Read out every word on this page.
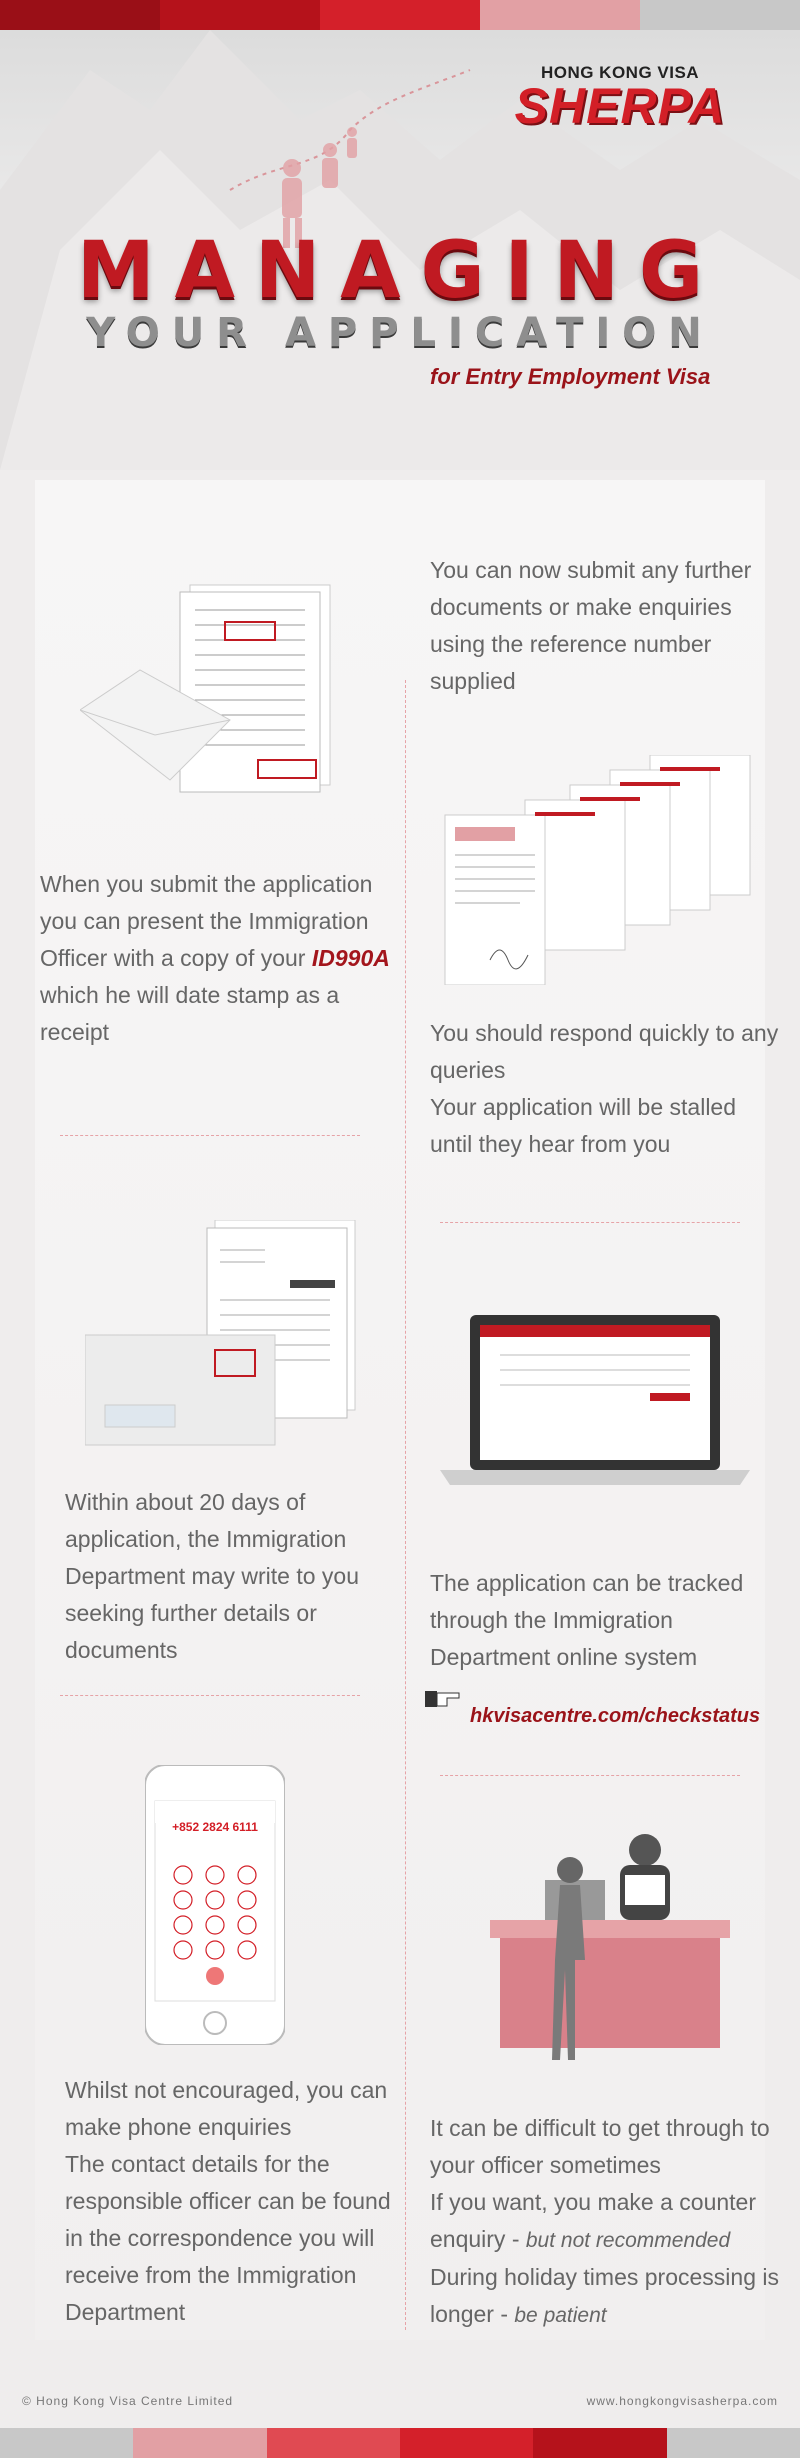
HONG KONG VISA
SHERPA
MANAGING
YOUR APPLICATION
for Entry Employment Visa
+852 2824 6111
You can now submit any further documents or make enquiries using the reference number supplied
When you submit the application you can present the Immigration Officer with a copy of your ID990A which he will date stamp as a receipt	You should respond quickly to any queries
Your application will be stalled until they hear from you
Within about 20 days of application, the Immigration Department may write to you seeking further details or documents
The application can be tracked through the Immigration Department online system
hkvisacentre.com/checkstatus
Whilst not encouraged, you can make phone enquiries
The contact details for the responsible officer can be found in the correspondence you will receive from the Immigration Department
It can be difficult to get through to your officer sometimes
If you want, you make a counter enquiry - but not recommended
During holiday times processing is longer - be patient
© Hong Kong Visa Centre Limited	www.hongkongvisasherpa.com
